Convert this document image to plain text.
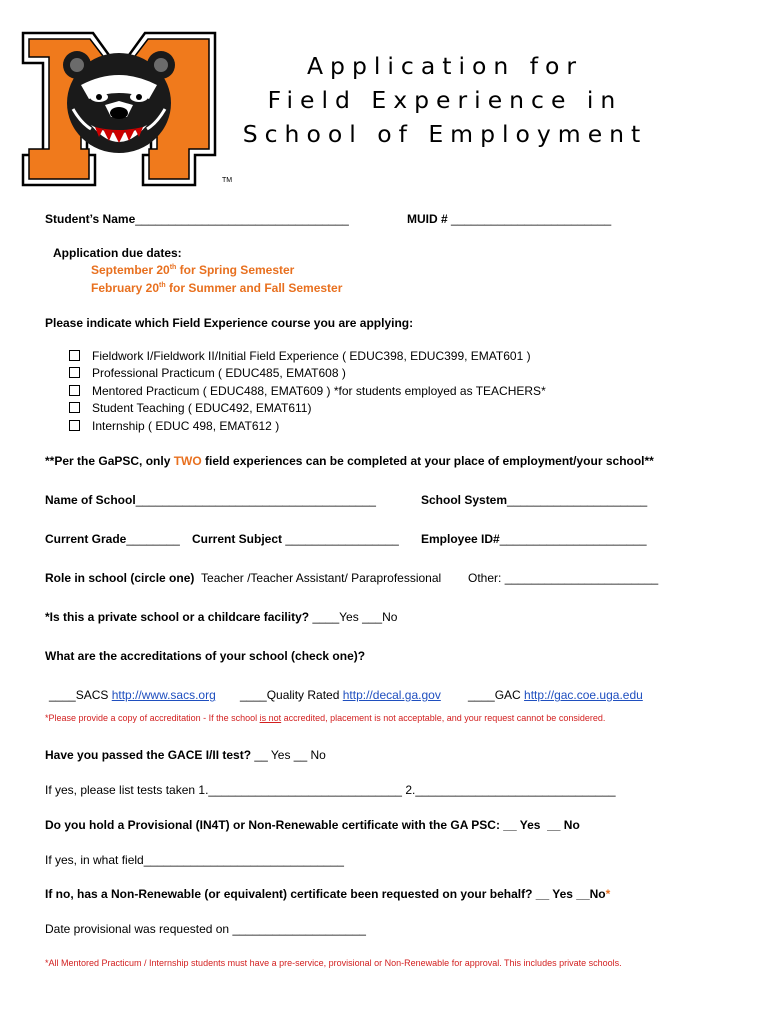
TM
Application for
Field Experience in
School of Employment
Student’s Name________________________________	MUID # ________________________
Application due dates:
September 20th for Spring Semester
February 20th for Summer and Fall Semester
Please indicate which Field Experience course you are applying:
Fieldwork I/Fieldwork II/Initial Field Experience ( EDUC398, EDUC399, EMAT601 )
Professional Practicum ( EDUC485, EMAT608 )
Mentored Practicum ( EDUC488, EMAT609 ) *for students employed as TEACHERS*
Student Teaching ( EDUC492, EMAT611)
Internship ( EDUC 498, EMAT612 )
**Per the GaPSC, only TWO field experiences can be completed at your place of employment/your school**
Name of School____________________________________	School System_____________________
Current Grade________ Current Subject _________________ Employee ID#______________________
Role in school (circle one) Teacher /Teacher Assistant/ Paraprofessional Other: _______________________
*Is this a private school or a childcare facility? ____Yes ___No
What are the accreditations of your school (check one)?
____SACS http://www.sacs.org ____Quality Rated http://decal.ga.gov ____GAC http://gac.coe.uga.edu
*Please provide a copy of accreditation - If the school is not accredited, placement is not acceptable, and your request cannot be considered.
Have you passed the GACE I/II test? __ Yes __ No
If yes, please list tests taken 1._____________________________ 2.______________________________
Do you hold a Provisional (IN4T) or Non-Renewable certificate with the GA PSC: __ Yes __ No
If yes, in what field______________________________
If no, has a Non-Renewable (or equivalent) certificate been requested on your behalf? __ Yes __No*
Date provisional was requested on ____________________
*All Mentored Practicum / Internship students must have a pre-service, provisional or Non-Renewable for approval. This includes private schools.
